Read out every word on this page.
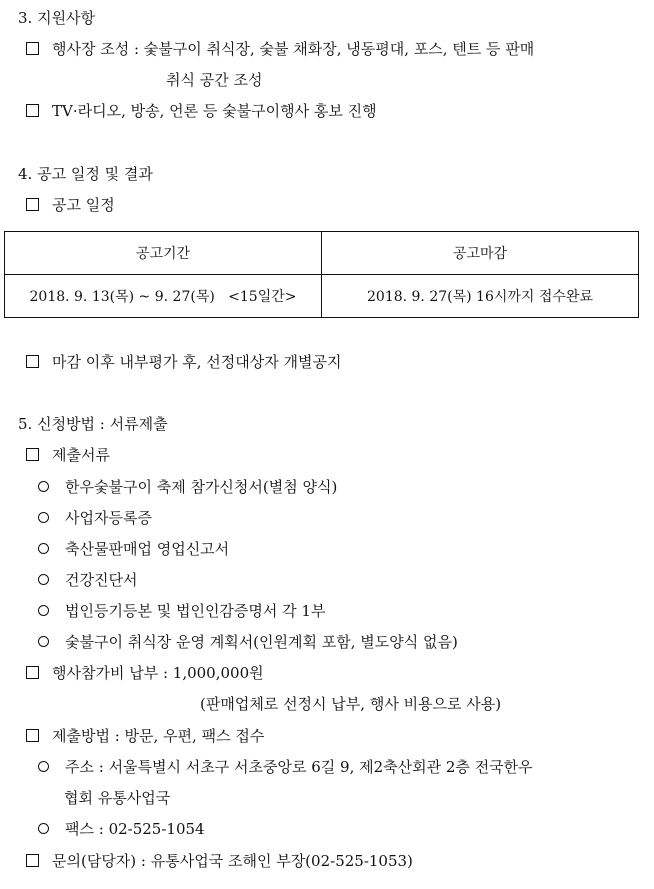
3. 지원사항
행사장 조성 : 숯불구이 취식장, 숯불 채화장, 냉동평대, 포스, 텐트 등 판매
취식 공간 조성
TV·라디오, 방송, 언론 등 숯불구이행사 홍보 진행
4. 공고 일정 및 결과
공고 일정
공고기간	공고마감
2018. 9. 13(목) ~ 9. 27(목)   <15일간>	2018. 9. 27(목) 16시까지 접수완료
마감 이후 내부평가 후, 선정대상자 개별공지
5. 신청방법 : 서류제출
제출서류
한우숯불구이 축제 참가신청서(별첨 양식)
사업자등록증
축산물판매업 영업신고서
건강진단서
법인등기등본 및 법인인감증명서 각 1부
숯불구이 취식장 운영 계획서(인원계획 포함, 별도양식 없음)
행사참가비 납부 : 1,000,000원
(판매업체로 선정시 납부, 행사 비용으로 사용)
제출방법 : 방문, 우편, 팩스 접수
주소 : 서울특별시 서초구 서초중앙로 6길 9, 제2축산회관 2층 전국한우
협회 유통사업국
팩스 : 02-525-1054
문의(담당자) : 유통사업국 조해인 부장(02-525-1053)
